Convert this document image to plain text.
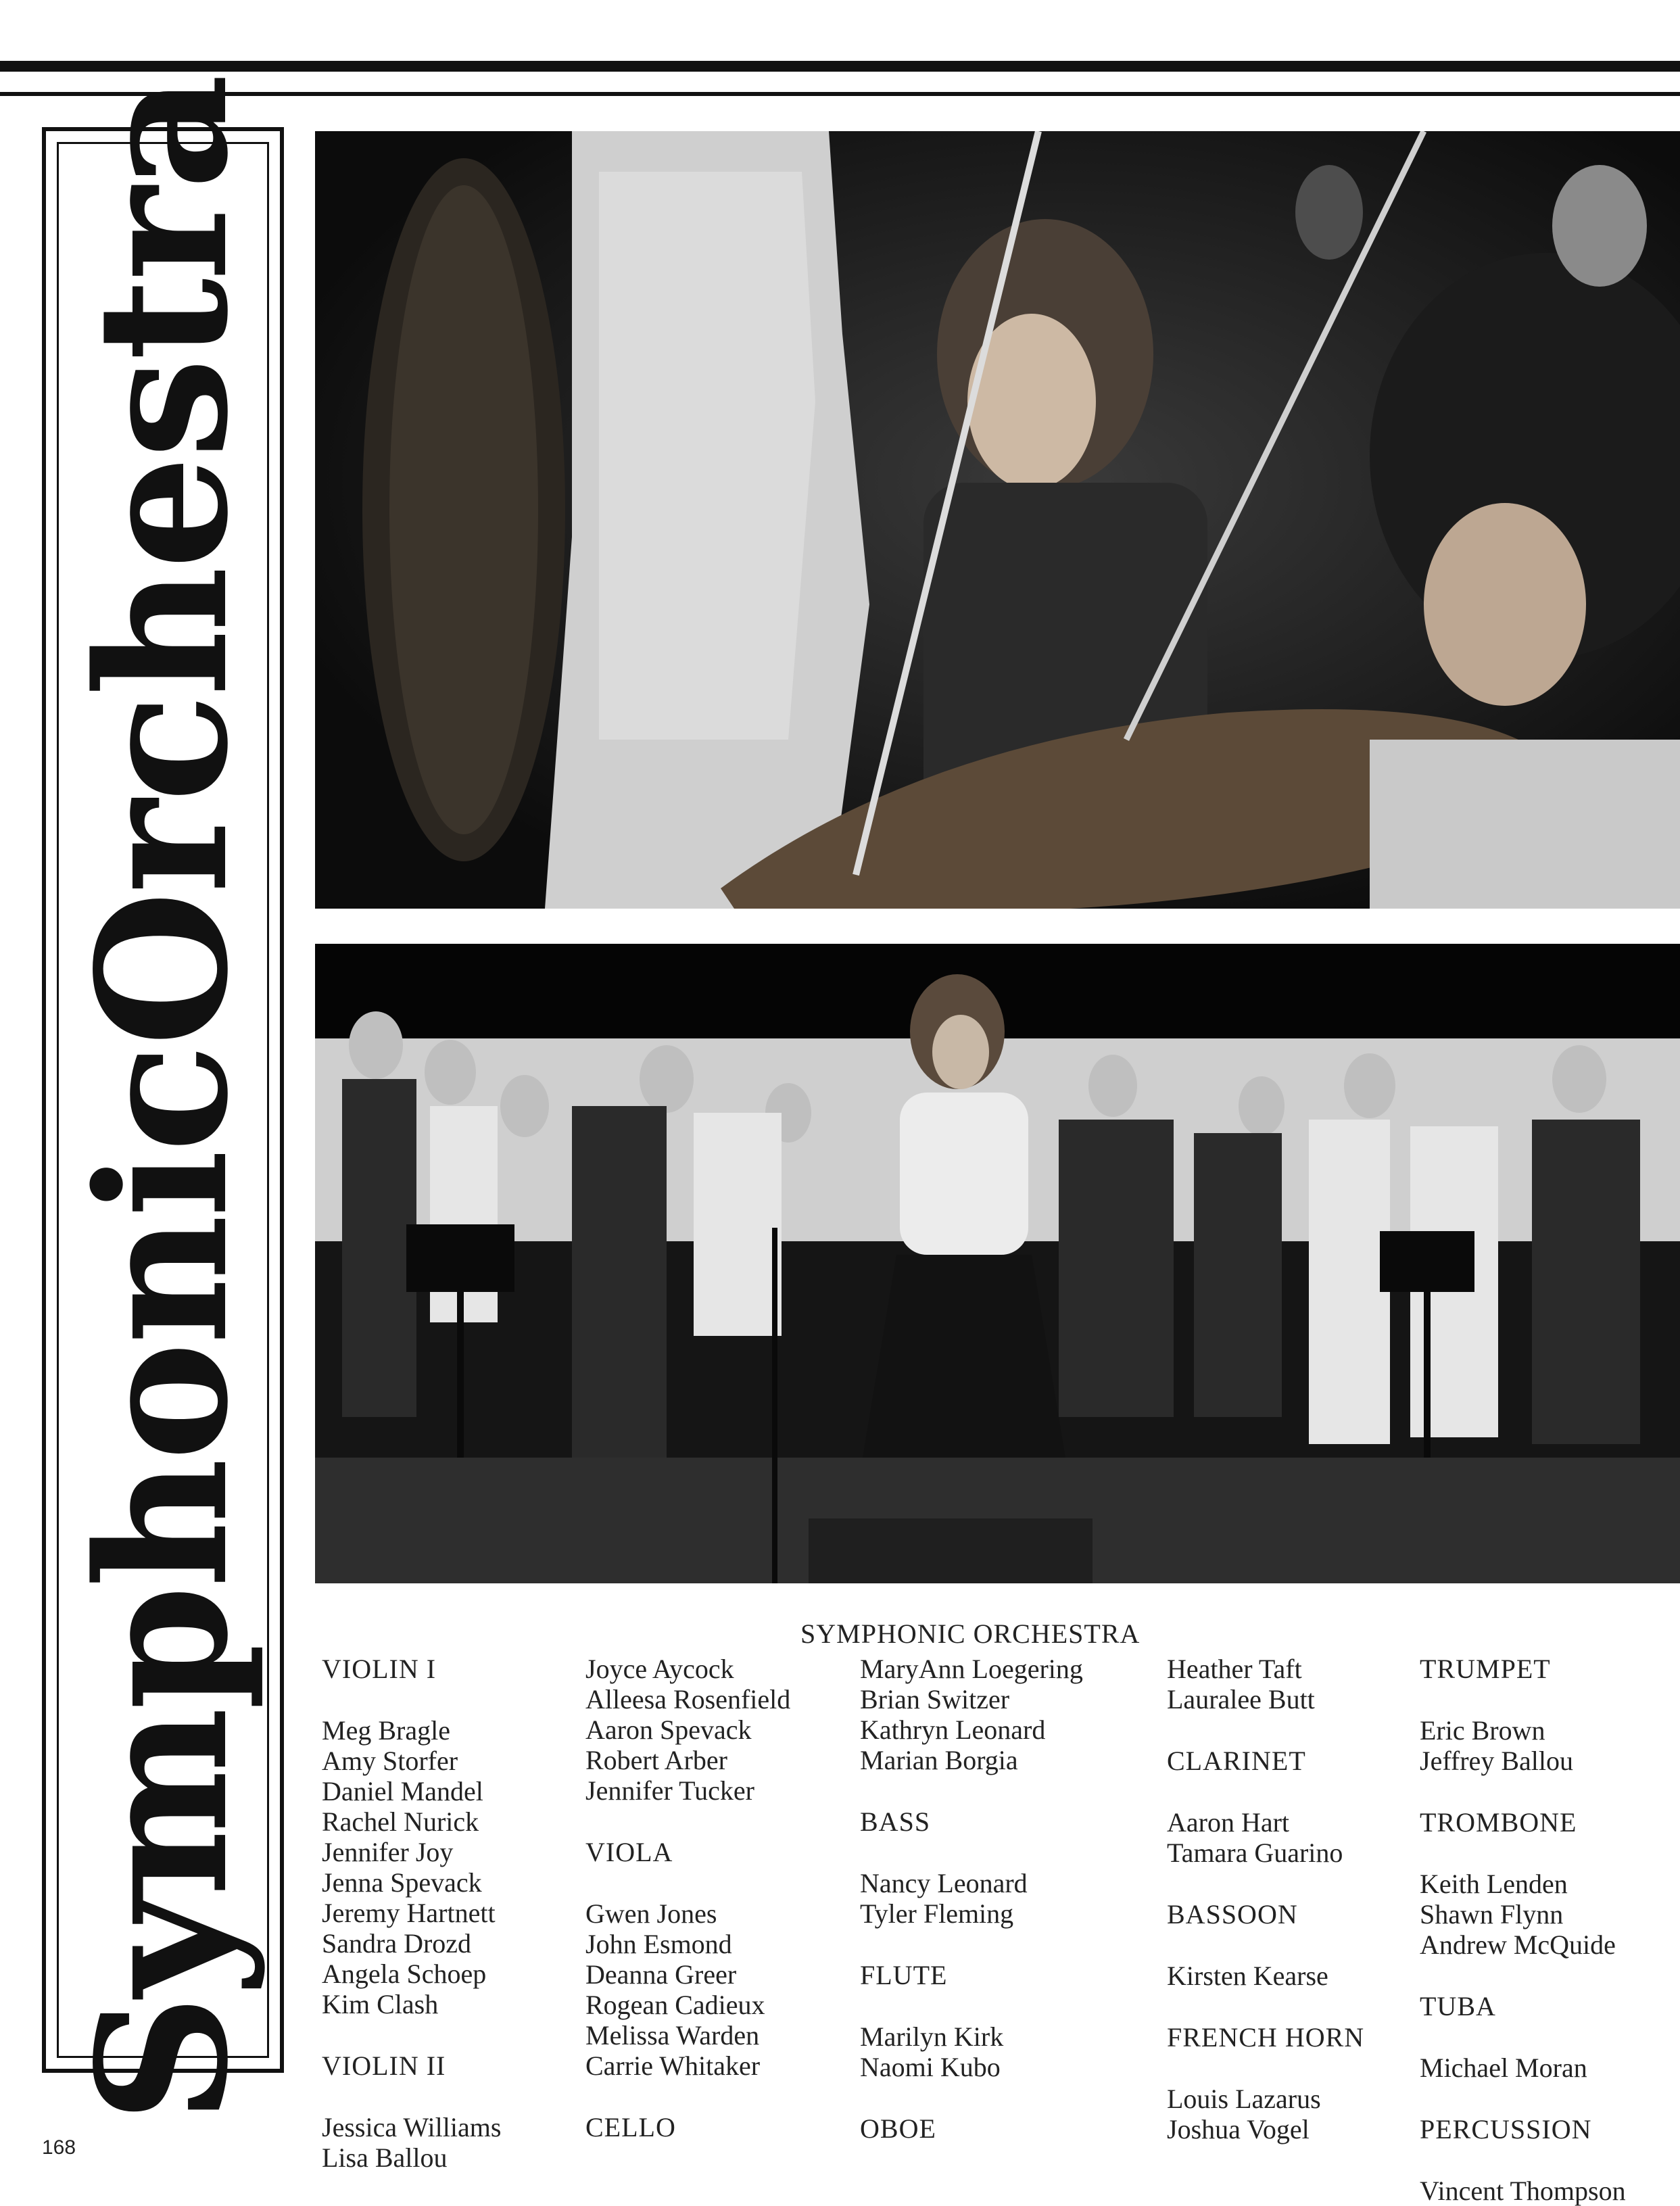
SymphonicOrchestra	SYMPHONIC ORCHESTRA
VIOLIN I
Meg Bragle
Amy Storfer
Daniel Mandel
Rachel Nurick
Jennifer Joy
Jenna Spevack
Jeremy Hartnett
Sandra Drozd
Angela Schoep
Kim Clash
VIOLIN II
Jessica Williams
Lisa Ballou
Joyce Aycock
Alleesa Rosenfield
Aaron Spevack
Robert Arber
Jennifer Tucker
VIOLA
Gwen Jones
John Esmond
Deanna Greer
Rogean Cadieux
Melissa Warden
Carrie Whitaker
CELLO
MaryAnn Loegering
Brian Switzer
Kathryn Leonard
Marian Borgia
BASS
Nancy Leonard
Tyler Fleming
FLUTE
Marilyn Kirk
Naomi Kubo
OBOE
Heather Taft
Lauralee Butt
CLARINET
Aaron Hart
Tamara Guarino
BASSOON
Kirsten Kearse
FRENCH HORN
Louis Lazarus
Joshua Vogel
TRUMPET
Eric Brown
Jeffrey Ballou
TROMBONE
Keith Lenden
Shawn Flynn
Andrew McQuide
TUBA
Michael Moran
PERCUSSION
Vincent Thompson
168
